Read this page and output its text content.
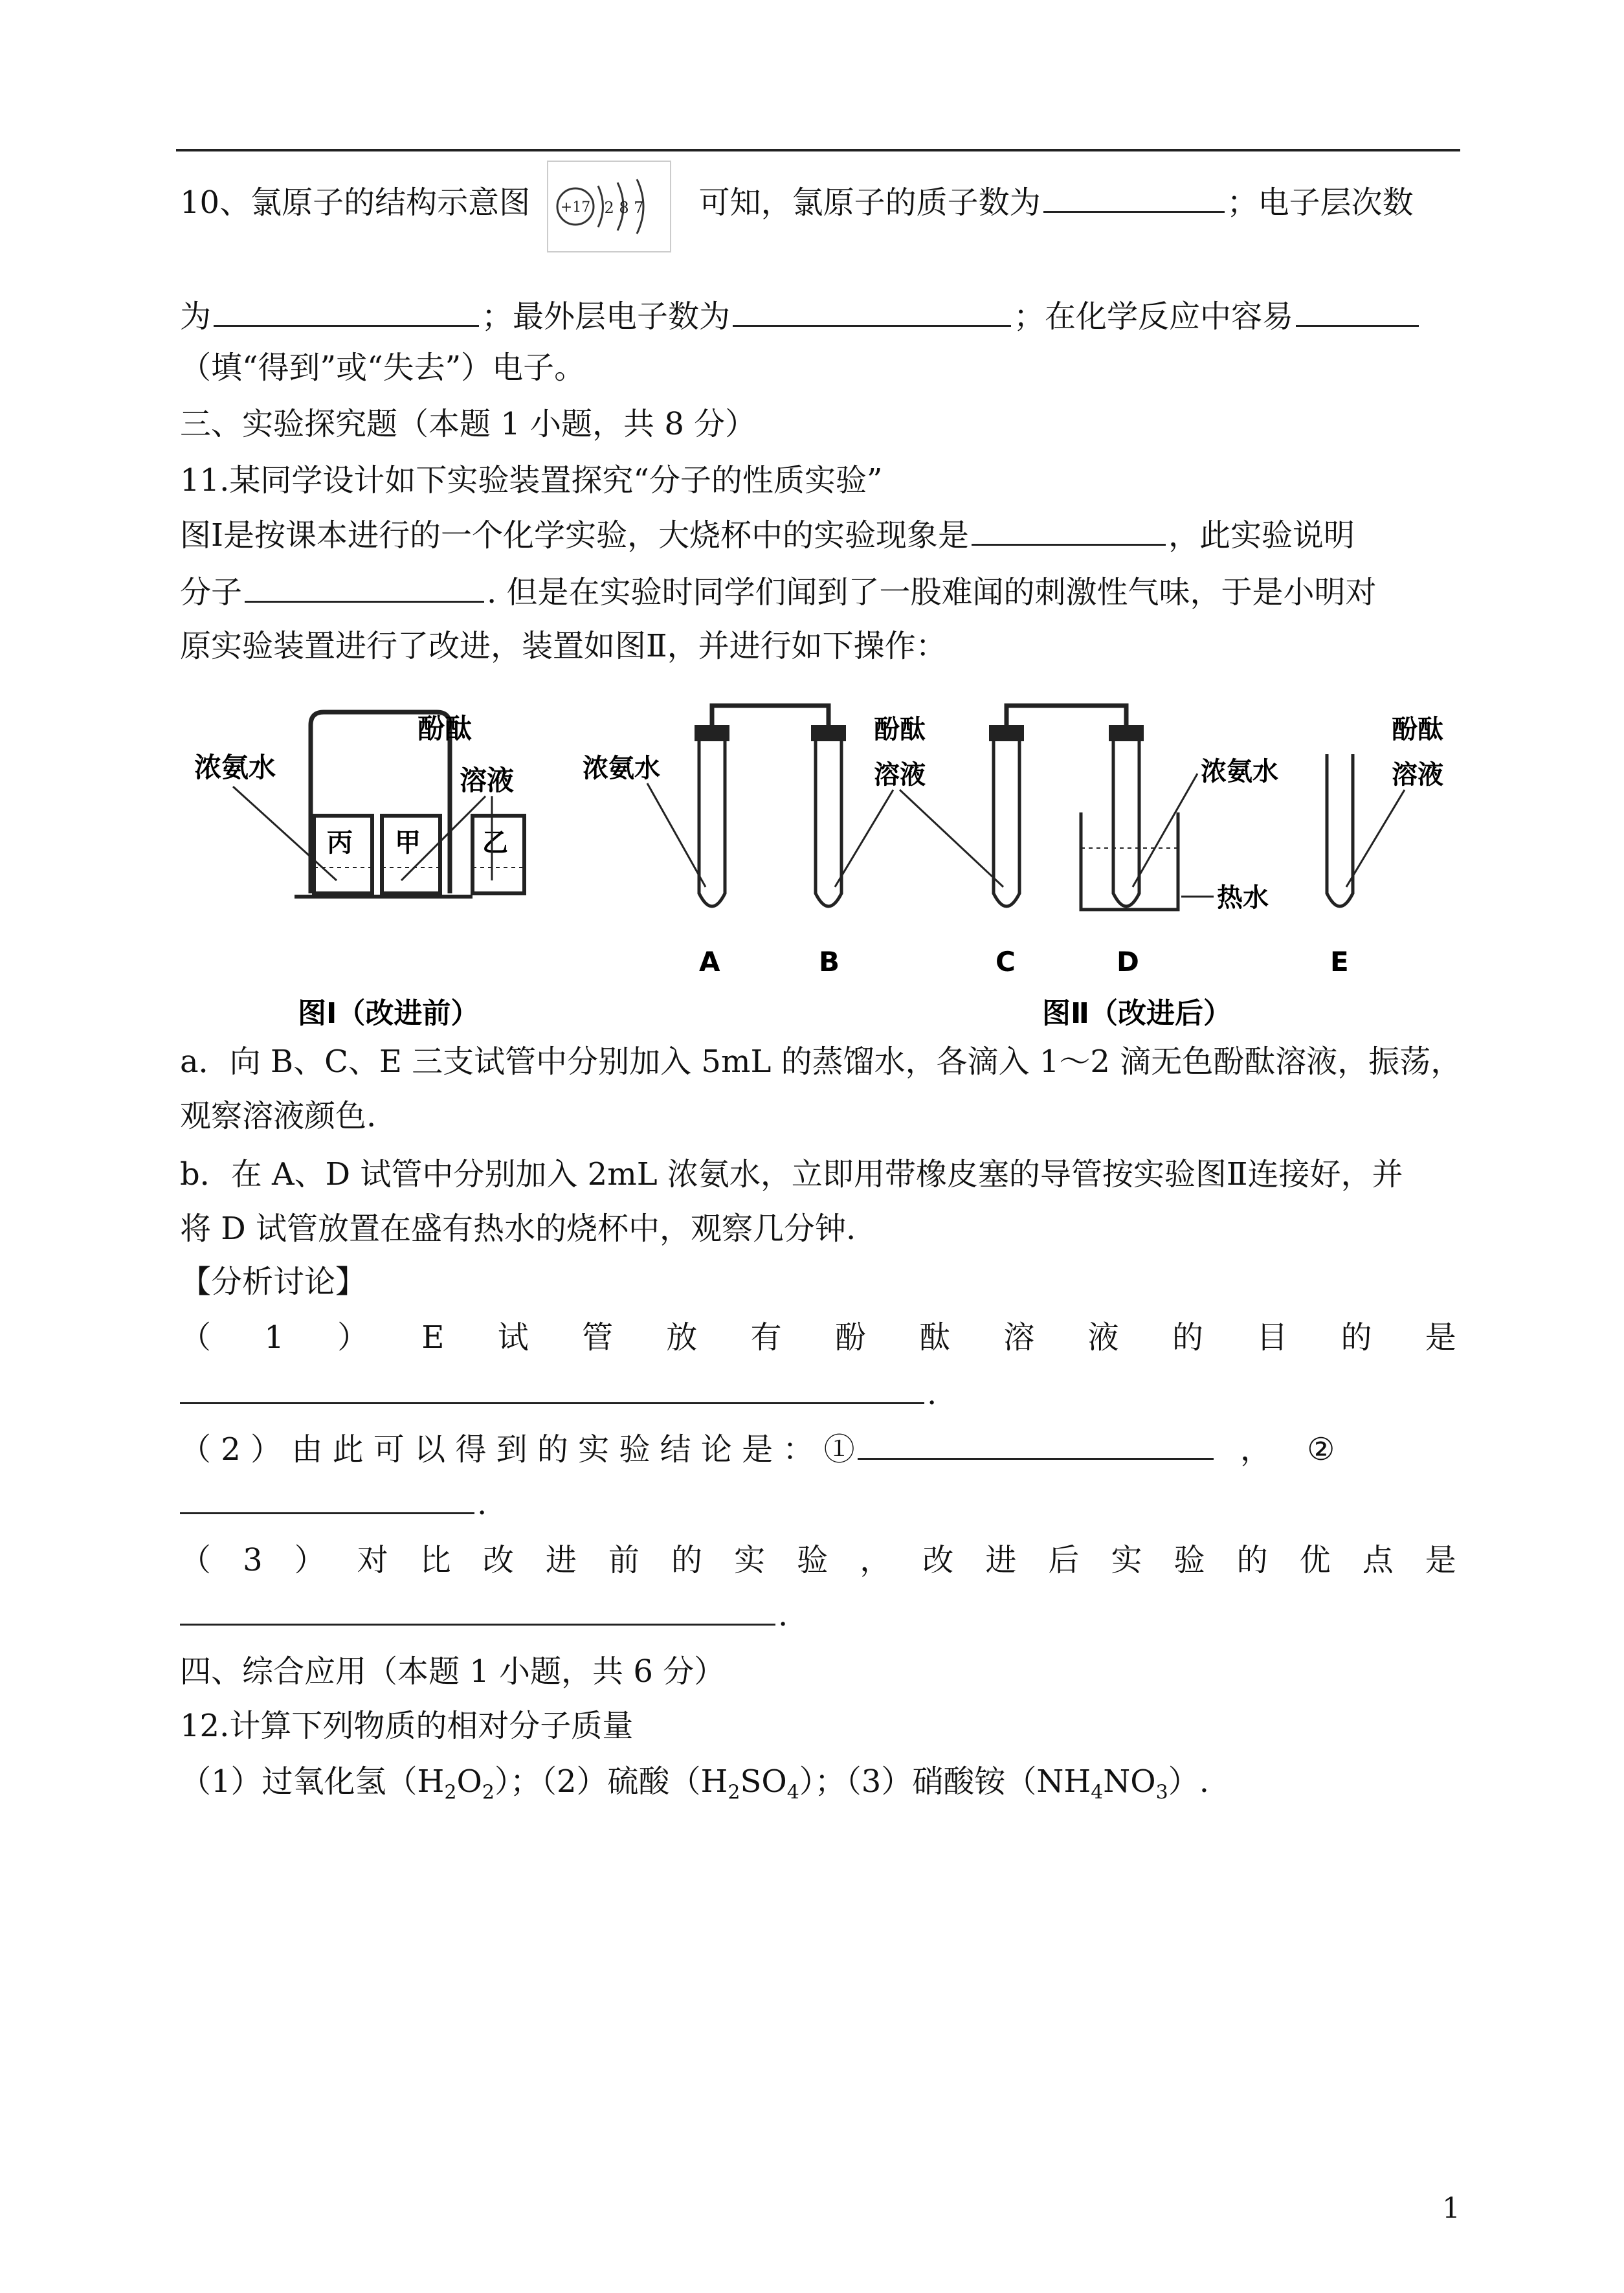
10、氯原子的结构示意图 +17 2 8 7 可知，氯原子的质子数为	；电子层次数
为	；最外层电子数为	；在化学反应中容易
（填“得到”或“失去”）电子。
三、实验探究题（本题 1 小题，共 8 分）
11.某同学设计如下实验装置探究“分子的性质实验”
图Ⅰ是按课本进行的一个化学实验，大烧杯中的实验现象是	，此实验说明
分子	. 但是在实验时同学们闻到了一股难闻的刺激性气味，于是小明对
原实验装置进行了改进，装置如图Ⅱ，并进行如下操作：
丙 甲 乙
浓氨水
酚酞
溶液
图Ⅰ（改进前）
浓氨水
酚酞
溶液	浓氨水
热水
酚酞
溶液
A	B	C	D	E
图Ⅱ（改进后）
a．向 B、C、E 三支试管中分别加入 5mL 的蒸馏水，各滴入 1～2 滴无色酚酞溶液，振荡，
观察溶液颜色.
b．在 A、D 试管中分别加入 2mL 浓氨水，立即用带橡皮塞的导管按实验图Ⅱ连接好，并
将 D 试管放置在盛有热水的烧杯中，观察几分钟.
【分析讨论】
（ 1 ） E 试 管 放 有 酚 酞 溶 液 的 目 的 是
.
（ 2 ） 由 此 可 以 得 到 的 实 验 结 论 是 ： ①	， ②
.
（ 3 ） 对 比 改 进 前 的 实 验 ， 改 进 后 实 验 的 优 点 是
.
四、综合应用（本题 1 小题，共 6 分）
12.计算下列物质的相对分子质量
（1）过氧化氢$(H_2O_2)$；（2）硫酸$(H_2SO_4)$；（3）硝酸铵$(NH_4NO_3)$.
1
